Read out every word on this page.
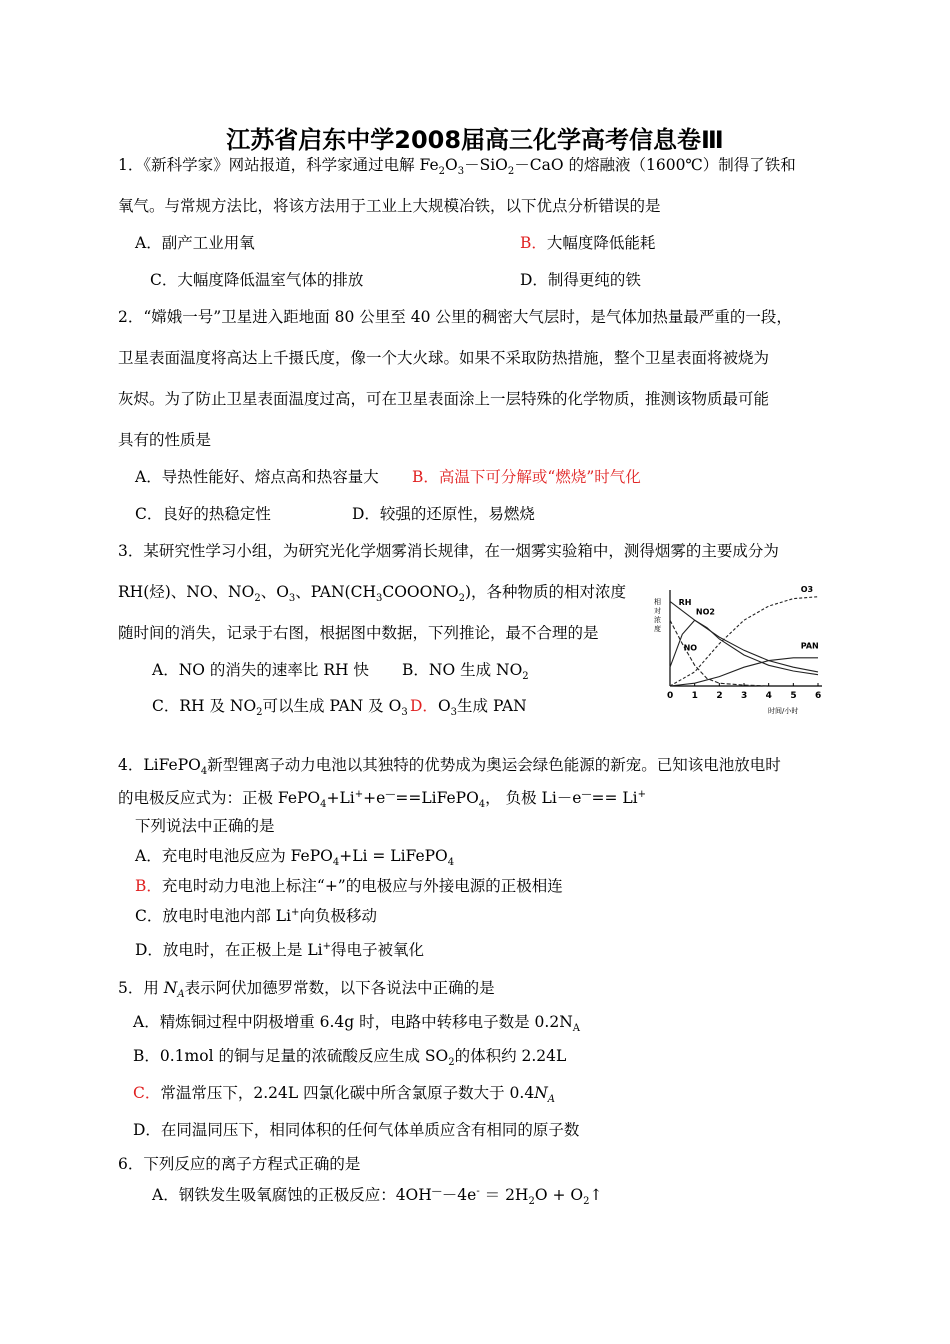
江苏省启东中学2008届高三化学高考信息卷Ⅲ
1．《新科学家》网站报道，科学家通过电解 $Fe_2O_3-SiO_2-CaO$ 的熔融液（1600℃）制得了铁和
氧气。与常规方法比，将该方法用于工业上大规模冶铁，以下优点分析错误的是
A．副产工业用氧	B．大幅度降低能耗
C．大幅度降低温室气体的排放	D．制得更纯的铁
2．“嫦娥一号”卫星进入距地面 80 公里至 40 公里的稠密大气层时，是气体加热量最严重的一段，
卫星表面温度将高达上千摄氏度，像一个大火球。如果不采取防热措施，整个卫星表面将被烧为
灰烬。为了防止卫星表面温度过高，可在卫星表面涂上一层特殊的化学物质，推测该物质最可能
具有的性质是
A．导热性能好、熔点高和热容量大 B．高温下可分解或“燃烧”时气化
C．良好的热稳定性	D．较强的还原性，易燃烧
3．某研究性学习小组，为研究光化学烟雾消长规律，在一烟雾实验箱中，测得烟雾的主要成分为
RH(烃)、NO、$NO_2$、$O_3$、$PAN(CH_3COOONO_2)$，各种物质的相对浓度
随时间的消失，记录于右图，根据图中数据，下列推论，最不合理的是
A．NO 的消失的速率比 RH 快 B．NO 生成 $NO_2$
C．RH 及 $NO_2$可以生成 PAN 及 $O_3$ D．$O_3$生成 PAN
相
对
浓
度
0 1 2 3 4 5 6
RH
NO
NO2
O3
PAN
时间/小时
4．LiFePO$_4$新型锂离子动力电池以其独特的优势成为奥运会绿色能源的新宠。已知该电池放电时
的电极反应式为：正极 FePO$_4$+Li++e—==LiFePO$_4$， 负极 Li－e—== Li+
下列说法中正确的是
A．充电时电池反应为 FePO$_4$+Li = LiFePO$_4$
B．充电时动力电池上标注“+”的电极应与外接电源的正极相连
C．放电时电池内部 Li+向负极移动
D．放电时，在正极上是 Li+得电子被氧化
5．用 $N_A$表示阿伏加德罗常数，以下各说法中正确的是
A．精炼铜过程中阴极增重 6.4g 时，电路中转移电子数是 $0.2N_A$
B．0.1mol 的铜与足量的浓硫酸反应生成 $SO_2$的体积约 2.24L
C．常温常压下，2.24L 四氯化碳中所含氯原子数大于 $0.4N_A$
D．在同温同压下，相同体积的任何气体单质应含有相同的原子数
6．下列反应的离子方程式正确的是
A．钢铁发生吸氧腐蚀的正极反应：$4OH^—-4e^- = 2H_2O$ + $O_2↑$
